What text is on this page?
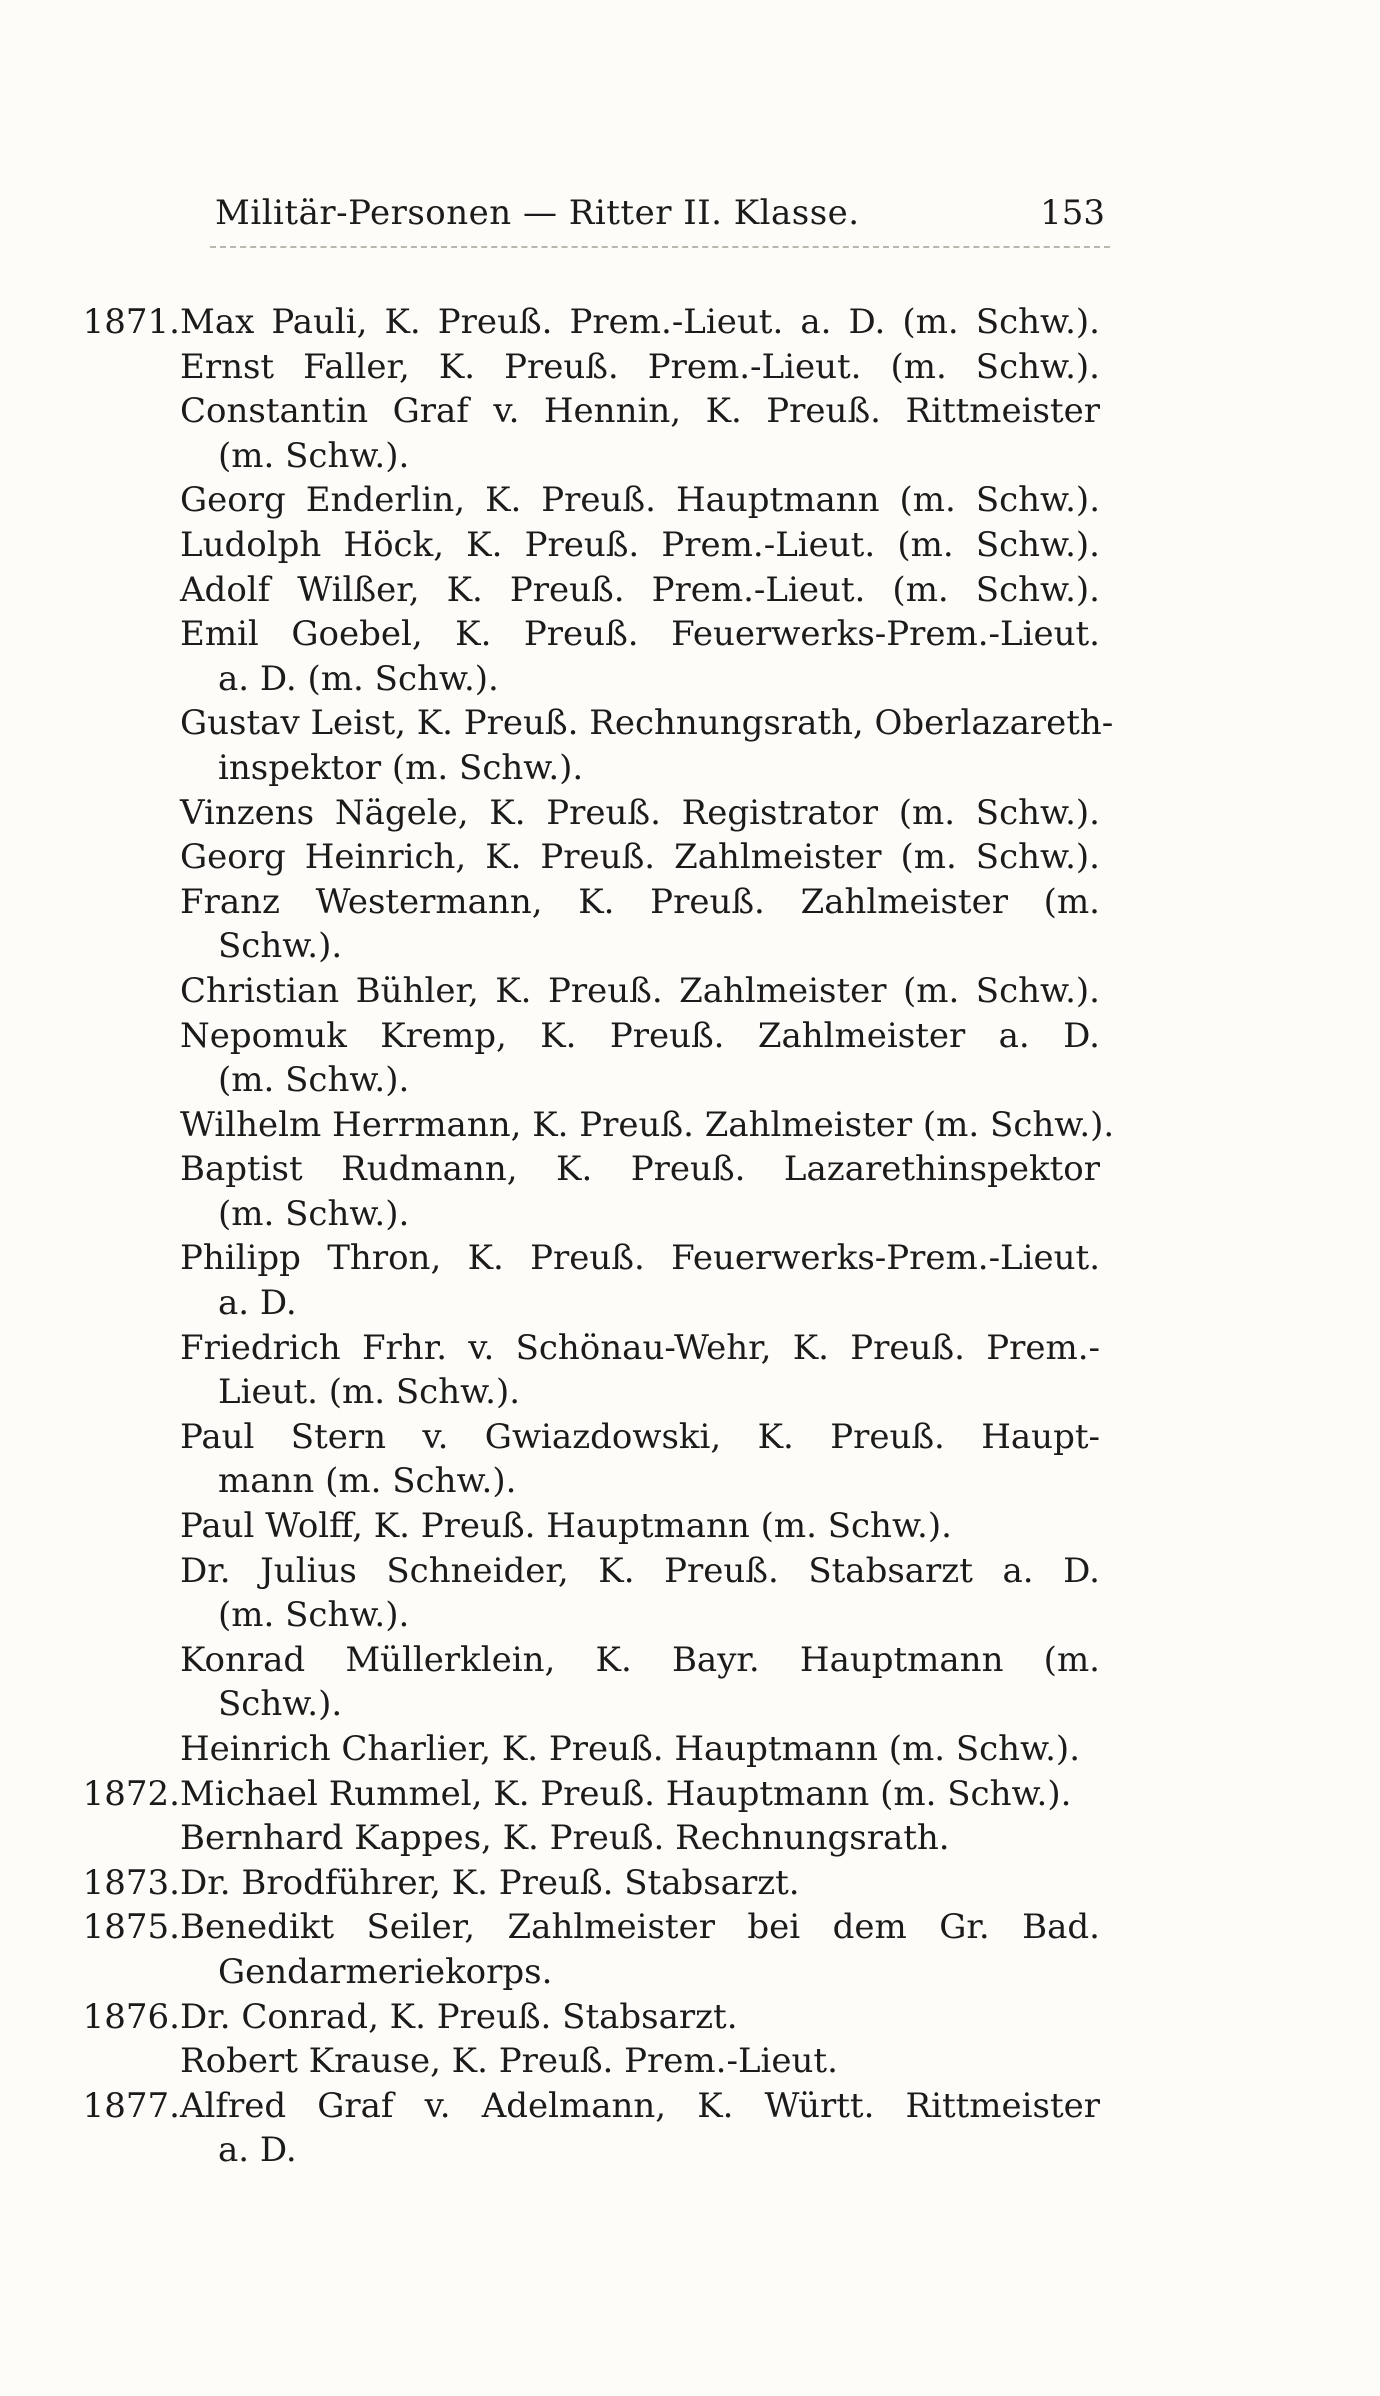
Militär-Personen — Ritter II. Klasse.	153
1871. Max Pauli, K. Preuß. Prem.-Lieut. a. D. (m. Schw.).
Ernst Faller, K. Preuß. Prem.-Lieut. (m. Schw.).
Constantin Graf v. Hennin, K. Preuß. Rittmeister
(m. Schw.).
Georg Enderlin, K. Preuß. Hauptmann (m. Schw.).
Ludolph Höck, K. Preuß. Prem.-Lieut. (m. Schw.).
Adolf Wilßer, K. Preuß. Prem.-Lieut. (m. Schw.).
Emil Goebel, K. Preuß. Feuerwerks-Prem.-Lieut.
a. D. (m. Schw.).
Gustav Leist, K. Preuß. Rechnungsrath, Oberlazareth-
inspektor (m. Schw.).
Vinzens Nägele, K. Preuß. Registrator (m. Schw.).
Georg Heinrich, K. Preuß. Zahlmeister (m. Schw.).
Franz Westermann, K. Preuß. Zahlmeister (m.
Schw.).
Christian Bühler, K. Preuß. Zahlmeister (m. Schw.).
Nepomuk Kremp, K. Preuß. Zahlmeister a. D.
(m. Schw.).
Wilhelm Herrmann, K. Preuß. Zahlmeister (m. Schw.).
Baptist Rudmann, K. Preuß. Lazarethinspektor
(m. Schw.).
Philipp Thron, K. Preuß. Feuerwerks-Prem.-Lieut.
a. D.
Friedrich Frhr. v. Schönau-Wehr, K. Preuß. Prem.-
Lieut. (m. Schw.).
Paul Stern v. Gwiazdowski, K. Preuß. Haupt-
mann (m. Schw.).
Paul Wolff, K. Preuß. Hauptmann (m. Schw.).
Dr. Julius Schneider, K. Preuß. Stabsarzt a. D.
(m. Schw.).
Konrad Müllerklein, K. Bayr. Hauptmann (m.
Schw.).
Heinrich Charlier, K. Preuß. Hauptmann (m. Schw.).
1872. Michael Rummel, K. Preuß. Hauptmann (m. Schw.).
Bernhard Kappes, K. Preuß. Rechnungsrath.
1873. Dr. Brodführer, K. Preuß. Stabsarzt.
1875. Benedikt Seiler, Zahlmeister bei dem Gr. Bad.
Gendarmeriekorps.
1876. Dr. Conrad, K. Preuß. Stabsarzt.
Robert Krause, K. Preuß. Prem.-Lieut.
1877. Alfred Graf v. Adelmann, K. Württ. Rittmeister
a. D.
